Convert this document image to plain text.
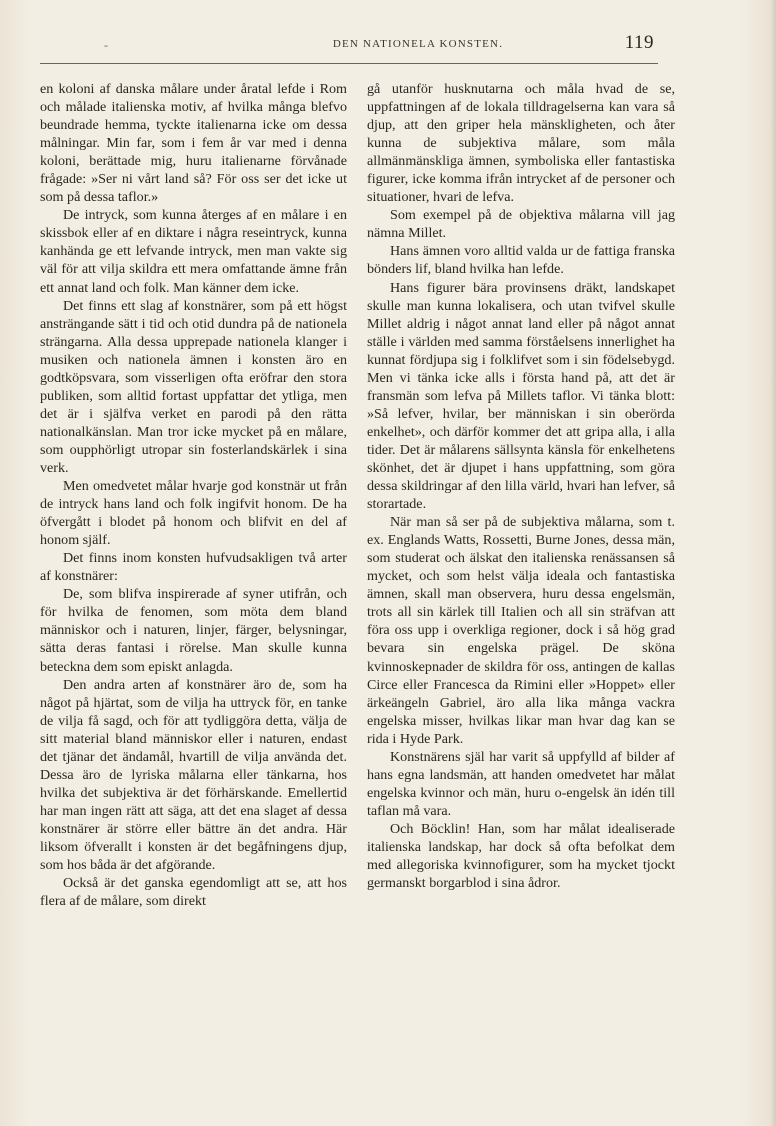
-	DEN NATIONELA KONSTEN.	119

en koloni af danska målare under åratal lefde i Rom och målade italienska motiv, af hvilka många blefvo beundrade hemma, tyckte italienarna icke om dessa målningar. Min far, som i fem år var med i denna koloni, berättade mig, huru italienarne förvånade frågade: »Ser ni vårt land så? För oss ser det icke ut som på dessa taflor.»

De intryck, som kunna återges af en målare i en skissbok eller af en diktare i några reseintryck, kunna kanhända ge ett lefvande intryck, men man vakte sig väl för att vilja skildra ett mera omfattande ämne från ett annat land och folk. Man känner dem icke.

Det finns ett slag af konstnärer, som på ett högst ansträngande sätt i tid och otid dundra på de nationela strängarna. Alla dessa upprepade nationela klanger i musiken och nationela ämnen i konsten äro en godtköpsvara, som visserligen ofta eröfrar den stora publiken, som alltid fortast uppfattar det ytliga, men det är i själfva verket en parodi på den rätta nationalkänslan. Man tror icke mycket på en målare, som oupphörligt utropar sin fosterlandskärlek i sina verk.

Men omedvetet målar hvarje god konstnär ut från de intryck hans land och folk ingifvit honom. De ha öfvergått i blodet på honom och blifvit en del af honom själf.

Det finns inom konsten hufvudsakligen två arter af konstnärer:

De, som blifva inspirerade af syner utifrån, och för hvilka de fenomen, som möta dem bland människor och i naturen, linjer, färger, belysningar, sätta deras fantasi i rörelse. Man skulle kunna beteckna dem som episkt anlagda.

Den andra arten af konstnärer äro de, som ha något på hjärtat, som de vilja ha uttryck för, en tanke de vilja få sagd, och för att tydliggöra detta, välja de sitt material bland människor eller i naturen, endast det tjänar det ändamål, hvartill de vilja använda det. Dessa äro de lyriska målarna eller tänkarna, hos hvilka det subjektiva är det förhärskande. Emellertid har man ingen rätt att säga, att det ena slaget af dessa konstnärer är större eller bättre än det andra. Här liksom öfverallt i konsten är det begåfningens djup, som hos båda är det afgörande.

Också är det ganska egendomligt att se, att hos flera af de målare, som direkt

gå utanför husknutarna och måla hvad de se, uppfattningen af de lokala tilldragelserna kan vara så djup, att den griper hela mänskligheten, och åter kunna de subjektiva målare, som måla allmänmänskliga ämnen, symboliska eller fantastiska figurer, icke komma ifrån intrycket af de personer och situationer, hvari de lefva.

Som exempel på de objektiva målarna vill jag nämna Millet.

Hans ämnen voro alltid valda ur de fattiga franska bönders lif, bland hvilka han lefde.

Hans figurer bära provinsens dräkt, landskapet skulle man kunna lokalisera, och utan tvifvel skulle Millet aldrig i något annat land eller på något annat ställe i världen med samma förståelsens innerlighet ha kunnat fördjupa sig i folklifvet som i sin födelsebygd. Men vi tänka icke alls i första hand på, att det är fransmän som lefva på Millets taflor. Vi tänka blott: »Så lefver, hvilar, ber människan i sin oberörda enkelhet», och därför kommer det att gripa alla, i alla tider. Det är målarens sällsynta känsla för enkelhetens skönhet, det är djupet i hans uppfattning, som göra dessa skildringar af den lilla värld, hvari han lefver, så storartade.

När man så ser på de subjektiva målarna, som t. ex. Englands Watts, Rossetti, Burne Jones, dessa män, som studerat och älskat den italienska renässansen så mycket, och som helst välja ideala och fantastiska ämnen, skall man observera, huru dessa engelsmän, trots all sin kärlek till Italien och all sin sträfvan att föra oss upp i overkliga regioner, dock i så hög grad bevara sin engelska prägel. De sköna kvinnoskepnader de skildra för oss, antingen de kallas Circe eller Francesca da Rimini eller »Hoppet» eller ärkeängeln Gabriel, äro alla lika många vackra engelska misser, hvilkas likar man hvar dag kan se rida i Hyde Park.

Konstnärens själ har varit så uppfylld af bilder af hans egna landsmän, att handen omedvetet har målat engelska kvinnor och män, huru o-engelsk än idén till taflan må vara.

Och Böcklin! Han, som har målat idealiserade italienska landskap, har dock så ofta befolkat dem med allegoriska kvinnofigurer, som ha mycket tjockt germanskt borgarblod i sina ådror.
